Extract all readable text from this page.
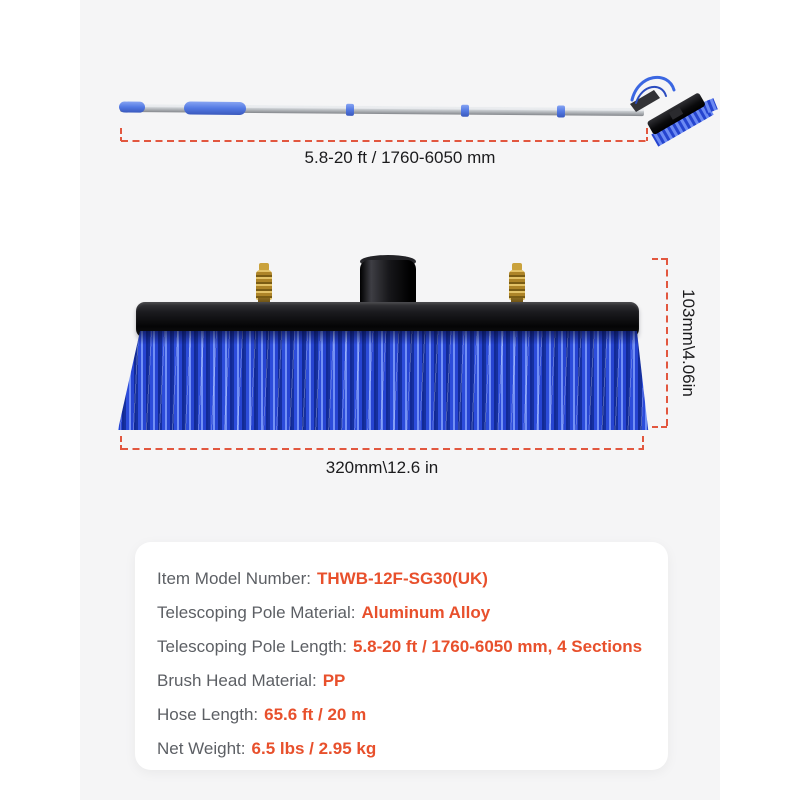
5.8-20 ft / 1760-6050 mm
103mm\4.06in
320mm\12.6 in
Item Model Number: THWB-12F-SG30(UK)
Telescoping Pole Material: Aluminum Alloy
Telescoping Pole Length: 5.8-20 ft / 1760-6050 mm, 4 Sections
Brush Head Material: PP
Hose Length: 65.6 ft / 20 m
Net Weight: 6.5 lbs / 2.95 kg
